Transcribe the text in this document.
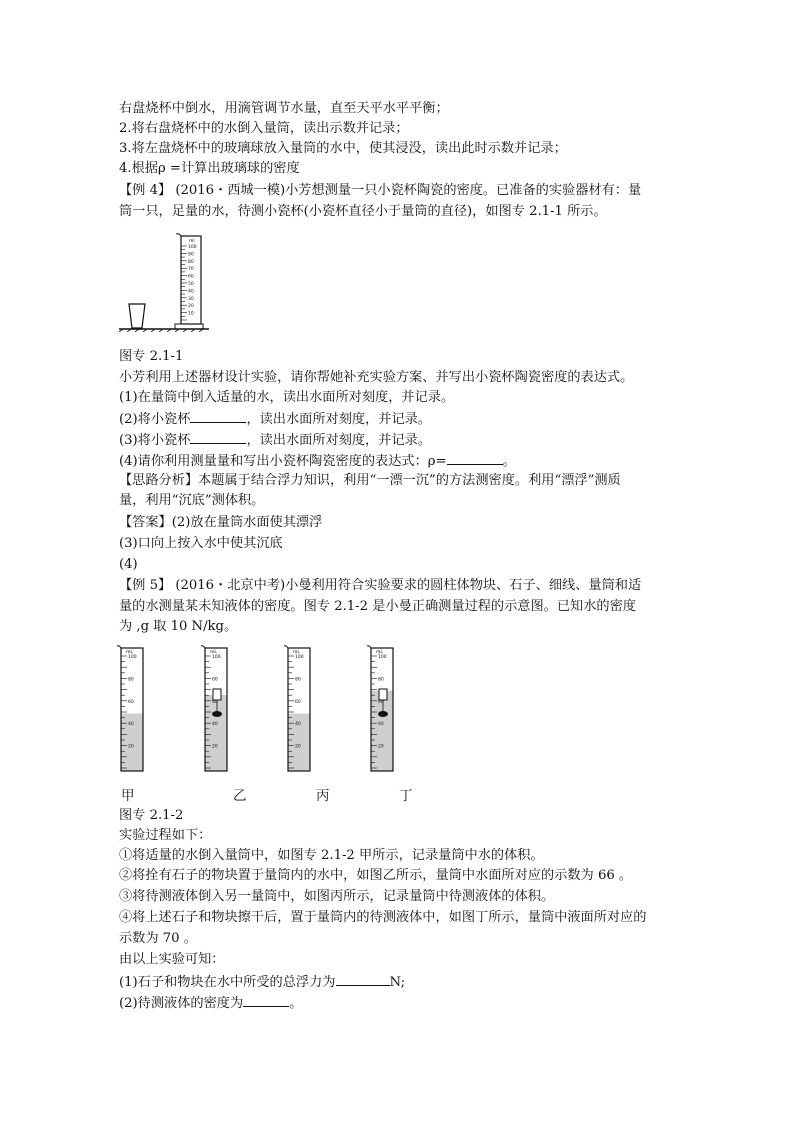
右盘烧杯中倒水，用滴管调节水量，直至天平水平平衡；
2.将右盘烧杯中的水倒入量筒，读出示数并记录；
3.将左盘烧杯中的玻璃球放入量筒的水中，使其浸没，读出此时示数并记录；
4.根据ρ =计算出玻璃球的密度
【例 4】 (2016・西城一模)小芳想测量一只小瓷杯陶瓷的密度。已准备的实验器材有：量
筒一只，足量的水，待测小瓷杯(小瓷杯直径小于量筒的直径)，如图专 2.1-1 所示。
ml
100
90
80
70
60
50
40
30
20
10
图专 2.1-1
小芳利用上述器材设计实验，请你帮她补充实验方案、并写出小瓷杯陶瓷密度的表达式。
(1)在量筒中倒入适量的水，读出水面所对刻度，并记录。
(2)将小瓷杯	，读出水面所对刻度，并记录。
(3)将小瓷杯	，读出水面所对刻度，并记录。
(4)请你利用测量量和写出小瓷杯陶瓷密度的表达式：ρ=	。
【思路分析】本题属于结合浮力知识，利用“一漂一沉”的方法测密度。利用“漂浮”测质
量，利用“沉底”测体积。
【答案】(2)放在量筒水面使其漂浮
(3)口向上按入水中使其沉底
(4)
【例 5】 (2016・北京中考)小曼利用符合实验要求的圆柱体物块、石子、细线、量筒和适
量的水测量某未知液体的密度。图专 2.1-2 是小曼正确测量过程的示意图。已知水的密度
为 ,g 取 10 N/kg。
mL
100
80
60
40
20
mL
100
80
60
40
20
mL
100
80
60
40
20
mL
100
80
60
40
20
甲	乙	丙	丁
图专 2.1-2
实验过程如下：
①将适量的水倒入量筒中，如图专 2.1-2 甲所示，记录量筒中水的体积。
②将拴有石子的物块置于量筒内的水中，如图乙所示，量筒中水面所对应的示数为 66 。
③将待测液体倒入另一量筒中，如图丙所示，记录量筒中待测液体的体积。
④将上述石子和物块擦干后，置于量筒内的待测液体中，如图丁所示，量筒中液面所对应的
示数为 70 。
由以上实验可知：
(1)石子和物块在水中所受的总浮力为	N;
(2)待测液体的密度为	。
